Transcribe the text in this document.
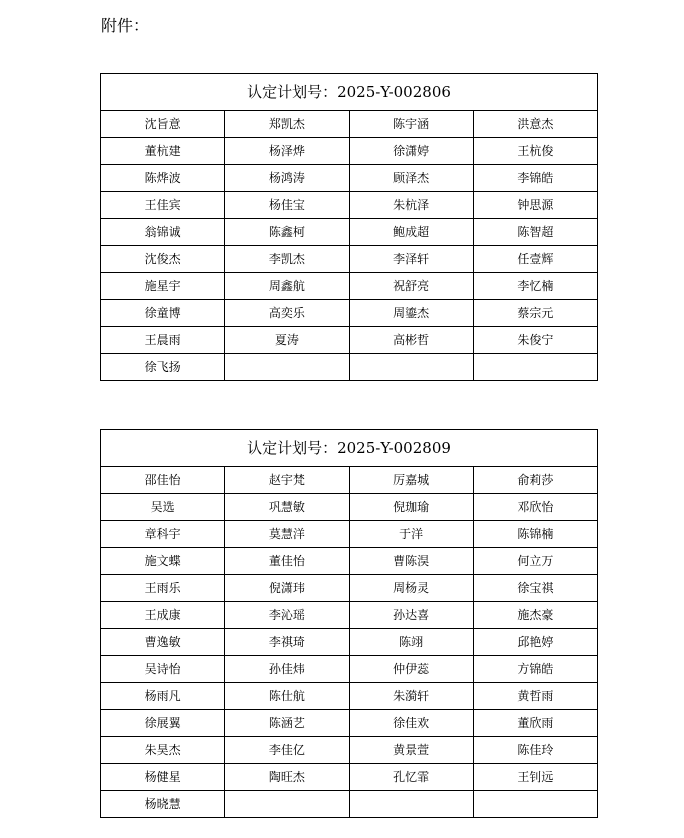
附件：
认定计划号：2025-Y-002806			
沈旨意	郑凯杰	陈宇涵	洪意杰
董杭建	杨泽烨	徐潇婷	王杭俊
陈烨波	杨鸿涛	顾泽杰	李锦皓
王佳宾	杨佳宝	朱杭泽	钟思源
翁锦诚	陈鑫柯	鲍成超	陈智超
沈俊杰	李凯杰	李泽轩	任壹辉
施星宇	周鑫航	祝舒亮	李忆楠
徐童博	高奕乐	周鎏杰	蔡宗元
王晨雨	夏涛	高彬哲	朱俊宁
徐飞扬			
认定计划号：2025-Y-002809			
邵佳怡	赵宇梵	厉嘉城	俞莉莎
吴选	巩慧敏	倪珈瑜	邓欣怡
章科宇	莫慧洋	于洋	陈锦楠
施文蝶	董佳怡	曹陈淏	何立万
王雨乐	倪潇玮	周杨灵	徐宝祺
王成康	李沁瑶	孙达喜	施杰豪
曹逸敏	李祺琦	陈翊	邱艳婷
吴诗怡	孙佳炜	仲伊蕊	方锦皓
杨雨凡	陈仕航	朱漪轩	黄哲雨
徐展翼	陈涵艺	徐佳欢	董欣雨
朱昊杰	李佳亿	黄景萱	陈佳玲
杨健星	陶旺杰	孔忆霏	王钊远
杨晓慧			
